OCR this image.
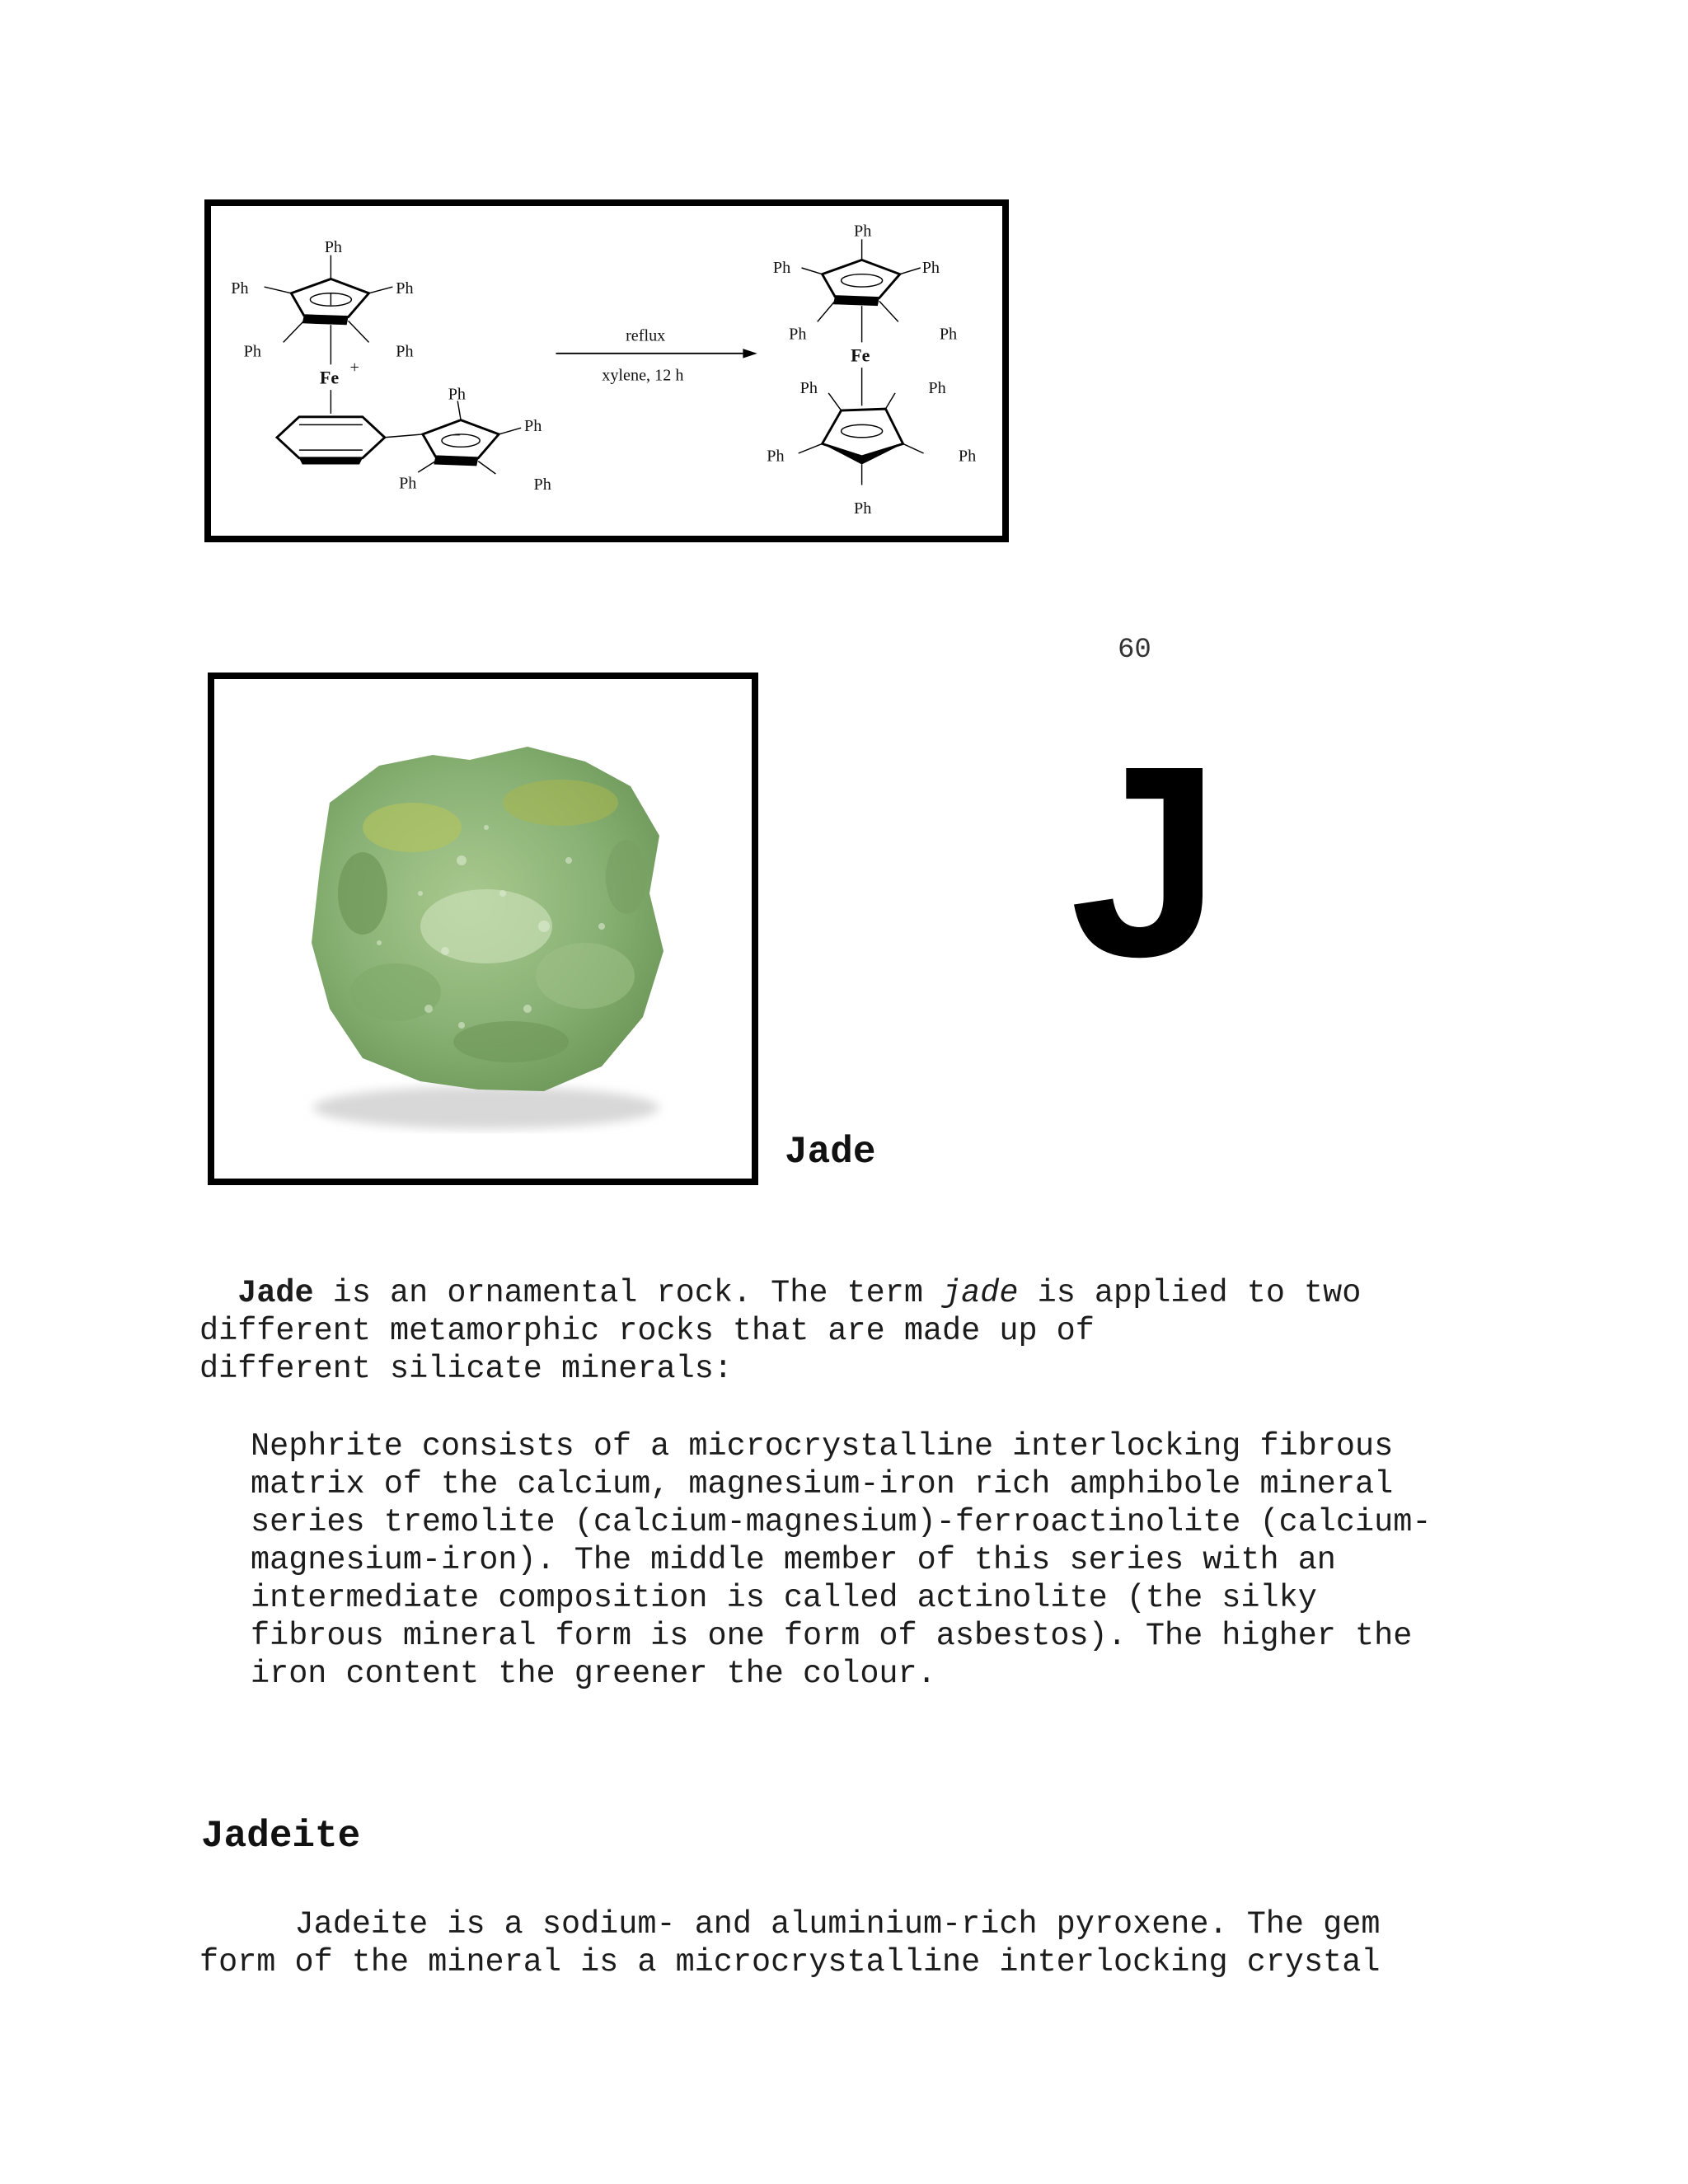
Ph
Ph	Ph
Ph	Ph
Fe +
−
Ph
Ph
Ph	Ph
reflux
xylene, 12 h
Ph
Ph	Ph
Ph	Ph
Fe
Ph	Ph
Ph	Ph
Ph
60
J
Jade
Jade is an ornamental rock. The term jade is applied to two
different metamorphic rocks that are made up of
different silicate minerals:
Nephrite consists of a microcrystalline interlocking fibrous
matrix of the calcium, magnesium-iron rich amphibole mineral
series tremolite (calcium-magnesium)-ferroactinolite (calcium-
magnesium-iron). The middle member of this series with an
intermediate composition is called actinolite (the silky
fibrous mineral form is one form of asbestos). The higher the
iron content the greener the colour.
Jadeite
Jadeite is a sodium- and aluminium-rich pyroxene. The gem
form of the mineral is a microcrystalline interlocking crystal
